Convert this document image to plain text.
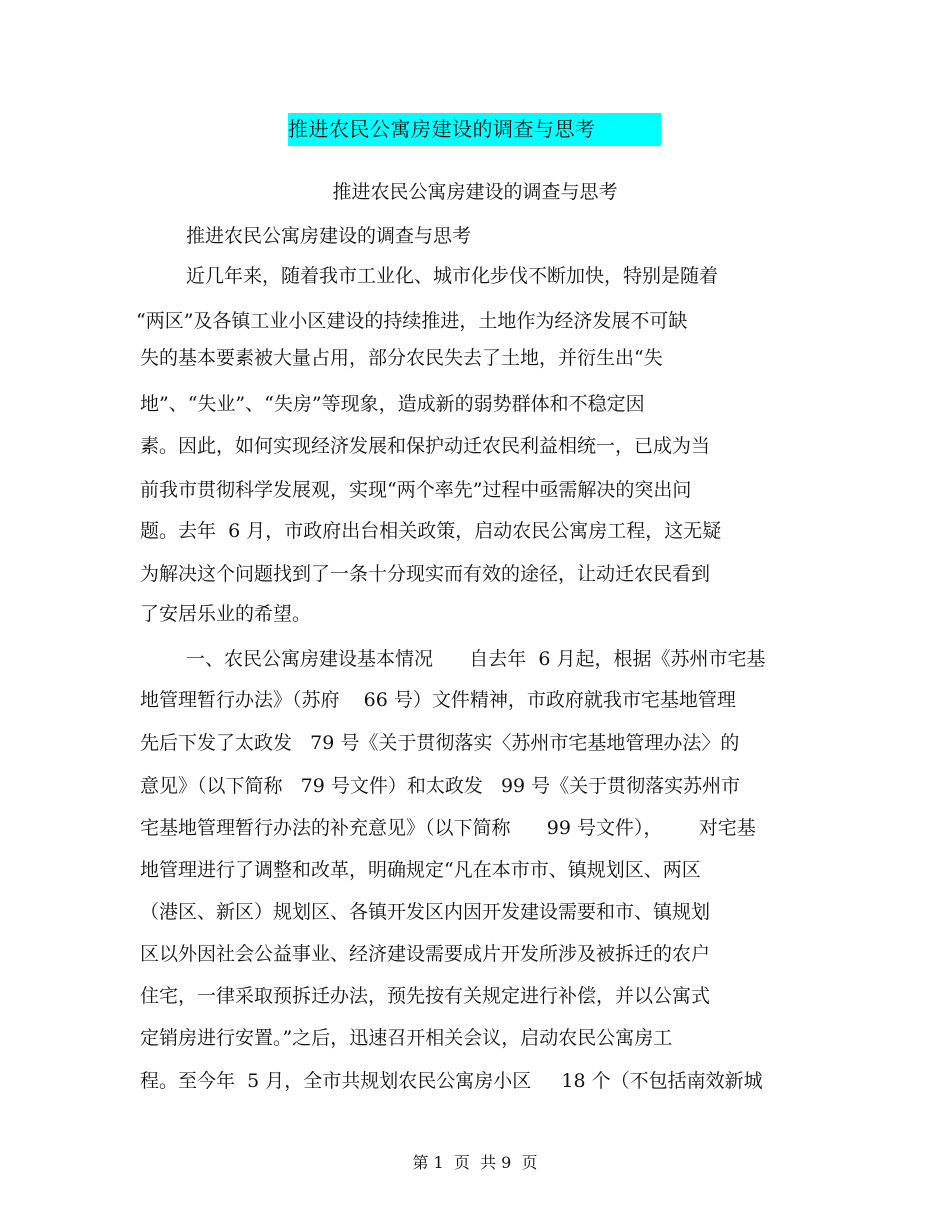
推进农民公寓房建设的调查与思考
推进农民公寓房建设的调查与思考
推进农民公寓房建设的调查与思考
近几年来，随着我市工业化、城市化步伐不断加快，特别是随着
“两区”及各镇工业小区建设的持续推进，土地作为经济发展不可缺
失的基本要素被大量占用，部分农民失去了土地，并衍生出“失
地”、“失业”、“失房”等现象，造成新的弱势群体和不稳定因
素。因此，如何实现经济发展和保护动迁农民利益相统一，已成为当
前我市贯彻科学发展观，实现“两个率先”过程中亟需解决的突出问
题。去年  6 月，市政府出台相关政策，启动农民公寓房工程，这无疑
为解决这个问题找到了一条十分现实而有效的途径，让动迁农民看到
了安居乐业的希望。
一、农民公寓房建设基本情况      自去年  6 月起，根据《苏州市宅基
地管理暂行办法》（苏府    66 号）文件精神，市政府就我市宅基地管理
先后下发了太政发   79 号《关于贯彻落实〈苏州市宅基地管理办法〉的
意见》（以下简称   79 号文件）和太政发   99 号《关于贯彻落实苏州市
宅基地管理暂行办法的补充意见》（以下简称      99 号文件），      对宅基
地管理进行了调整和改革，明确规定“凡在本市市、镇规划区、两区
（港区、新区）规划区、各镇开发区内因开发建设需要和市、镇规划
区以外因社会公益事业、经济建设需要成片开发所涉及被拆迁的农户
住宅，一律采取预拆迁办法，预先按有关规定进行补偿，并以公寓式
定销房进行安置。”之后，迅速召开相关会议，启动农民公寓房工
程。至今年  5 月，全市共规划农民公寓房小区     18 个（不包括南效新城
第 1  页  共 9  页
